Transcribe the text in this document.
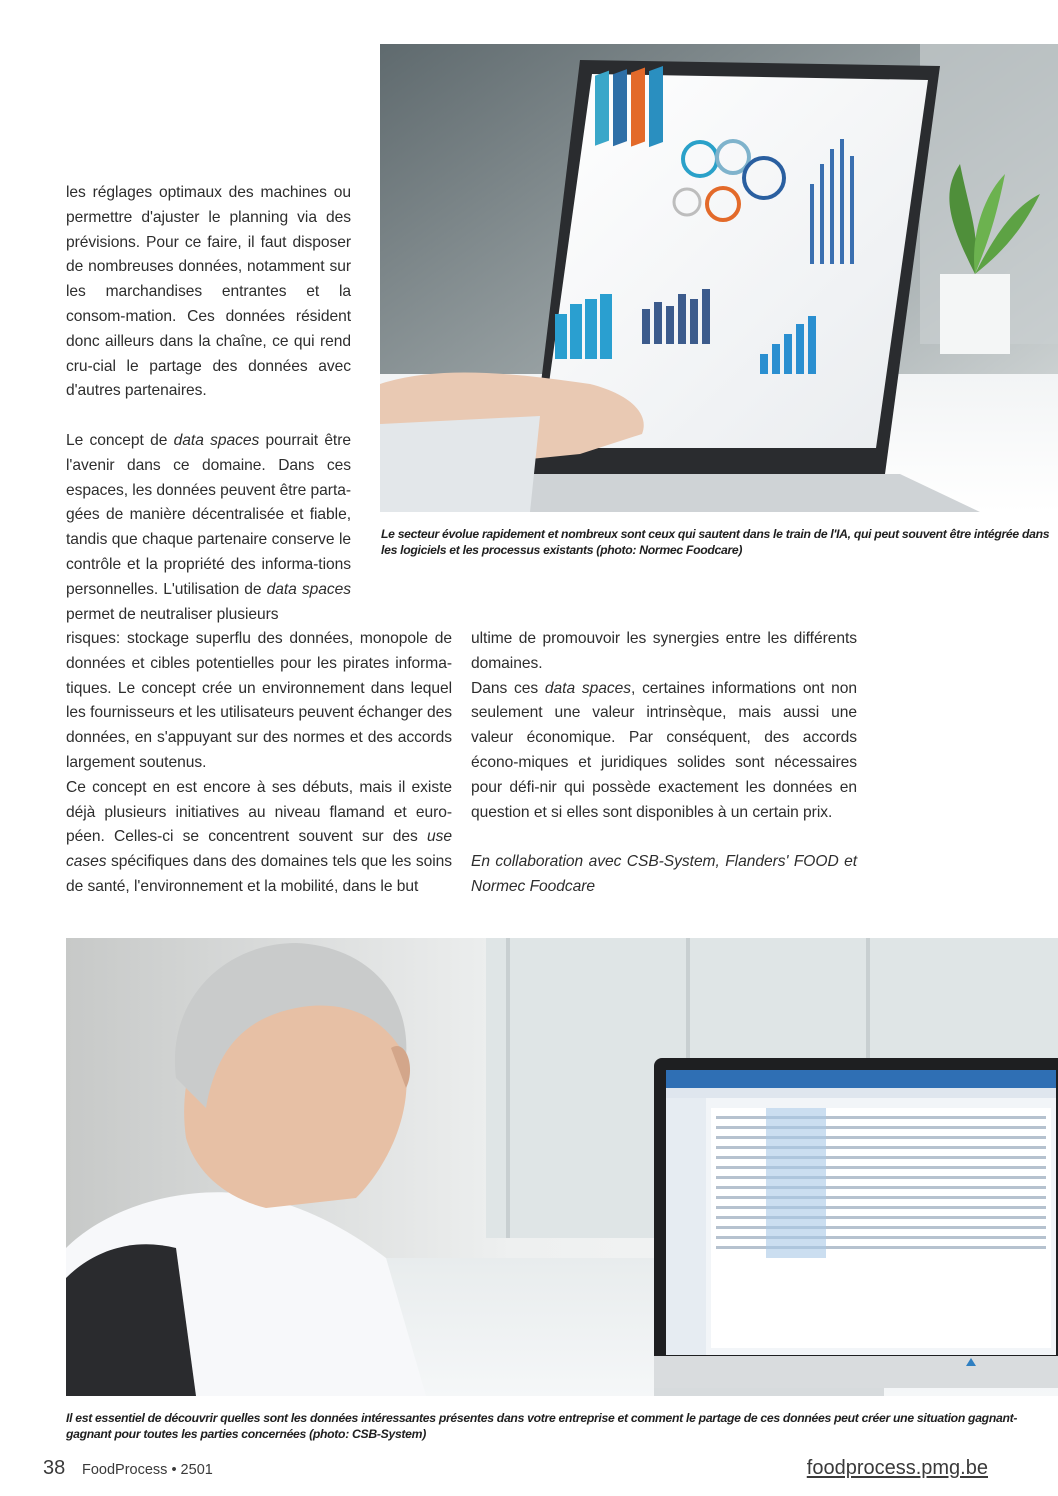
les réglages optimaux des machines ou permettre d'ajuster le planning via des prévisions. Pour ce faire, il faut disposer de nombreuses données, notamment sur les marchandises entrantes et la consom-mation. Ces données résident donc ailleurs dans la chaîne, ce qui rend cru-cial le partage des données avec d'autres partenaires.

Le concept de data spaces pourrait être l'avenir dans ce domaine. Dans ces espaces, les données peuvent être parta-gées de manière décentralisée et fiable, tandis que chaque partenaire conserve le contrôle et la propriété des informa-tions personnelles. L'utilisation de data spaces permet de neutraliser plusieurs

Le secteur évolue rapidement et nombreux sont ceux qui sautent dans le train de l'IA, qui peut souvent être intégrée dans les logiciels et les processus existants (photo: Normec Foodcare)

risques: stockage superflu des données, monopole de données et cibles potentielles pour les pirates informa-tiques. Le concept crée un environnement dans lequel les fournisseurs et les utilisateurs peuvent échanger des données, en s'appuyant sur des normes et des accords largement soutenus.

Ce concept en est encore à ses débuts, mais il existe déjà plusieurs initiatives au niveau flamand et euro-péen. Celles-ci se concentrent souvent sur des use cases spécifiques dans des domaines tels que les soins de santé, l'environnement et la mobilité, dans le but

ultime de promouvoir les synergies entre les différents domaines.

Dans ces data spaces, certaines informations ont non seulement une valeur intrinsèque, mais aussi une valeur économique. Par conséquent, des accords écono-miques et juridiques solides sont nécessaires pour défi-nir qui possède exactement les données en question et si elles sont disponibles à un certain prix.

En collaboration avec CSB-System, Flanders' FOOD et Normec Foodcare

Il est essentiel de découvrir quelles sont les données intéressantes présentes dans votre entreprise et comment le partage de ces données peut créer une situation gagnant-gagnant pour toutes les parties concernées (photo: CSB-System)
38 FoodProcess • 2501	foodprocess.pmg.be
